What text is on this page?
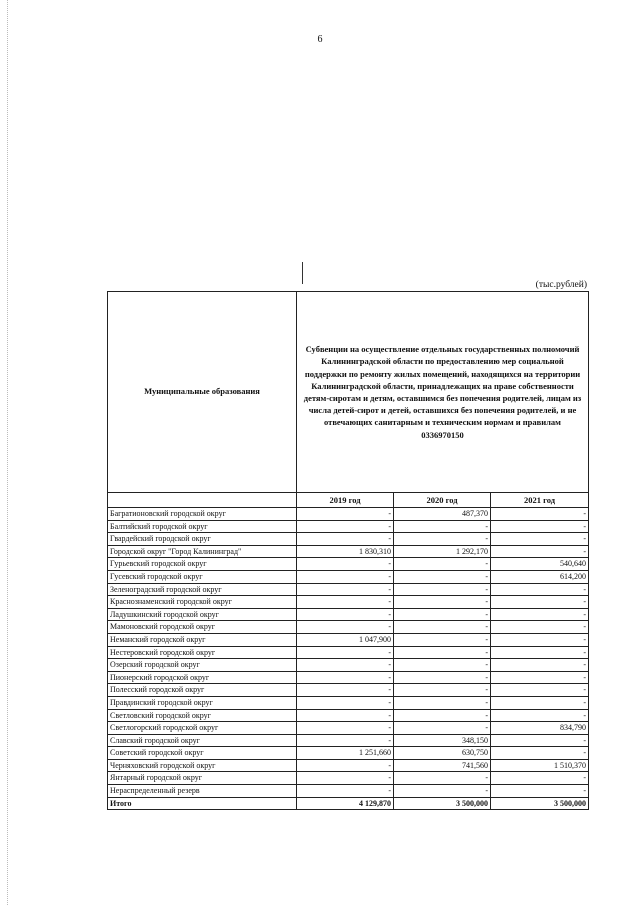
6
(тыс.рублей)
Муниципальные образования	Субвенции на осуществление отдельных государственных полномочий Калининградской области по предоставлению мер социальной поддержки по ремонту жилых помещений, находящихся на территории Калининградской области, принадлежащих на праве собственности детям-сиротам и детям, оставшимся без попечения родителей, лицам из числа детей-сирот и детей, оставшихся без попечения родителей, и не отвечающих санитарным и техническим нормам и правилам
0336970150		

	2019 год	2020 год	2021 год
Багратионовский городской округ	-	487,370	-
Балтийский городской округ	-	-	-
Гвардейский городской округ	-	-	-
Городской округ "Город Калининград"	1 830,310	1 292,170	-
Гурьевский городской округ	-	-	540,640
Гусевский городской округ	-	-	614,200
Зеленоградский городской округ	-	-	-
Краснознаменский городской округ	-	-	-
Ладушкинский городской округ	-	-	-
Мамоновский городской округ	-	-	-
Неманский городской округ	1 047,900	-	-
Нестеровский городской округ	-	-	-
Озерский городской округ	-	-	-
Пионерский городской округ	-	-	-
Полесский городской округ	-	-	-
Правдинский городской округ	-	-	-
Светловский городской округ	-	-	-
Светлогорский городской округ	-	-	834,790
Славский городской округ	-	348,150	-
Советский городской округ	1 251,660	630,750	-
Черняховский городской округ	-	741,560	1 510,370
Янтарный городской округ	-	-	-
Нераспределенный резерв	-	-	-
Итого	4 129,870	3 500,000	3 500,000
